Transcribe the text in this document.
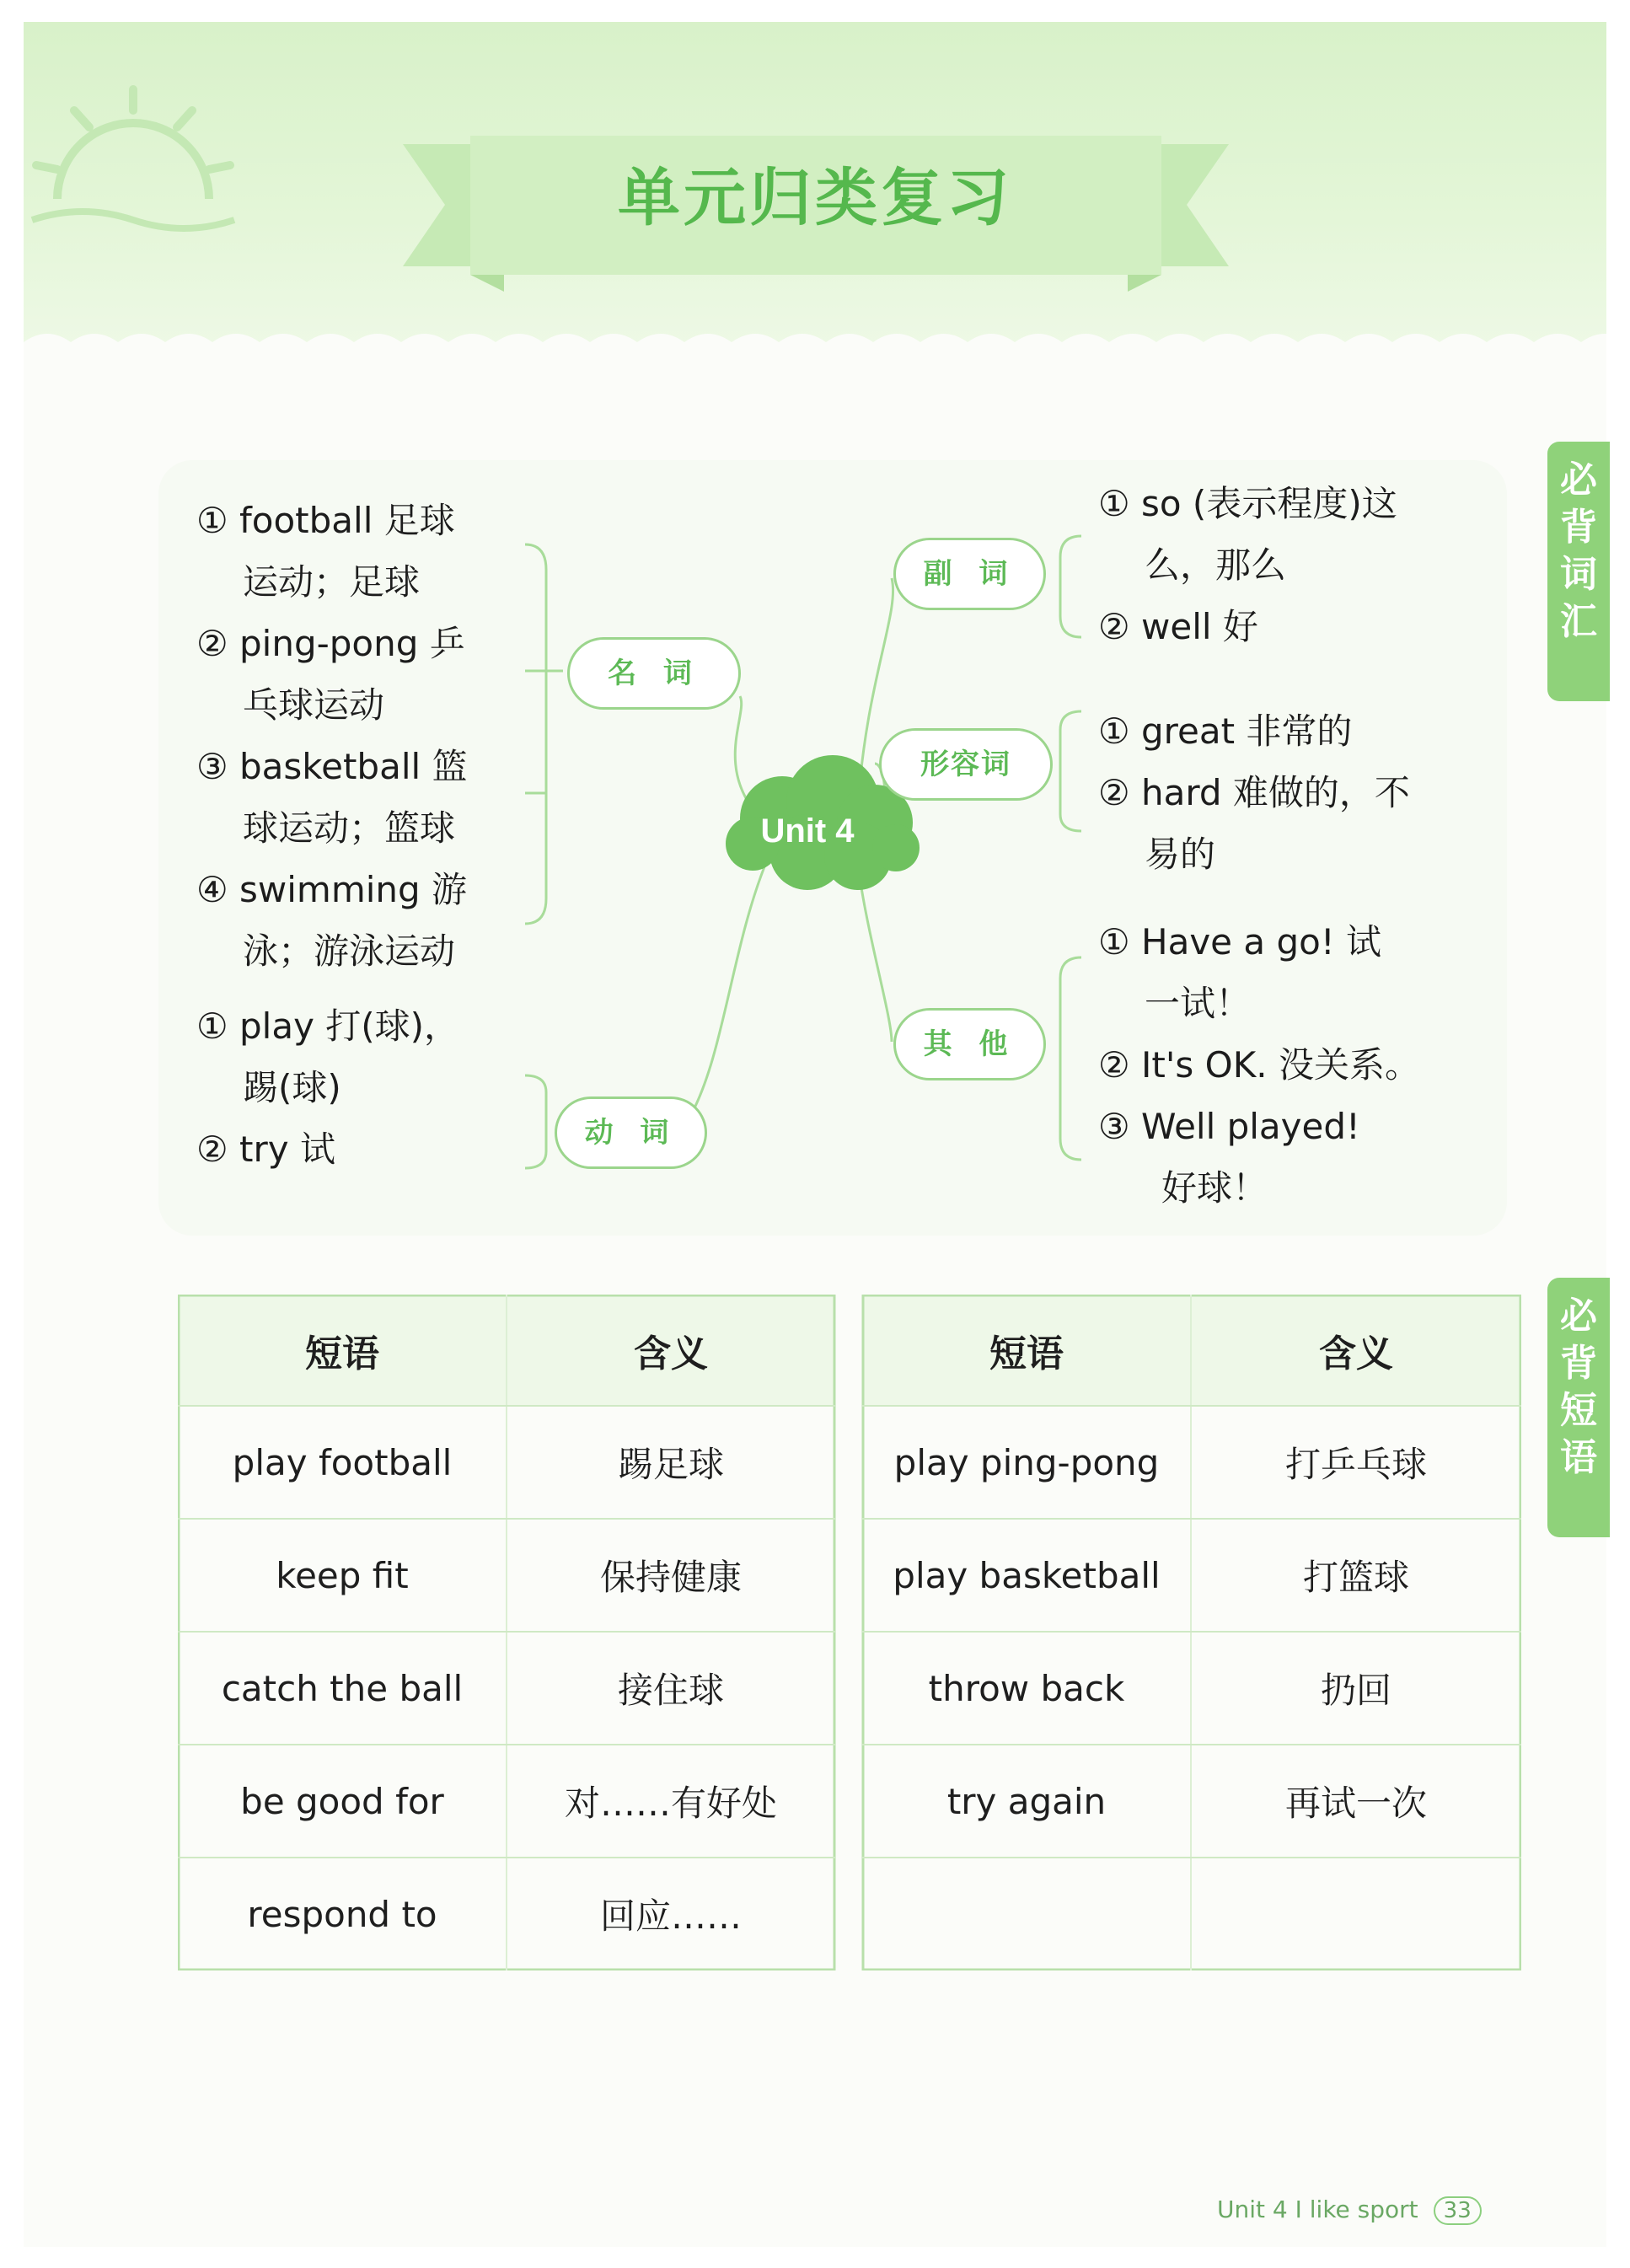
单元归类复习
必
背
词
汇
必
背
短
语
Unit 4
名 词
动 词
副 词
形容词
其 他
① football 足球
运动；足球
② ping-pong 乒
乓球运动
③ basketball 篮
球运动；篮球
④ swimming 游
泳；游泳运动
① play 打(球)，
踢(球)
② try 试
① so (表示程度)这
么，那么
② well 好
① great 非常的
② hard 难做的，不
易的
① Have a go! 试
一试！
② It's OK. 没关系。
③ Well played!
好球！
短语	含义	短语	含义
play football	踢足球	play ping-pong	打乒乓球
keep fit	保持健康	play basketball	打篮球
catch the ball	接住球	throw back	扔回
be good for	对……有好处	try again	再试一次
respond to	回应……
Unit 4 I like sport 33
